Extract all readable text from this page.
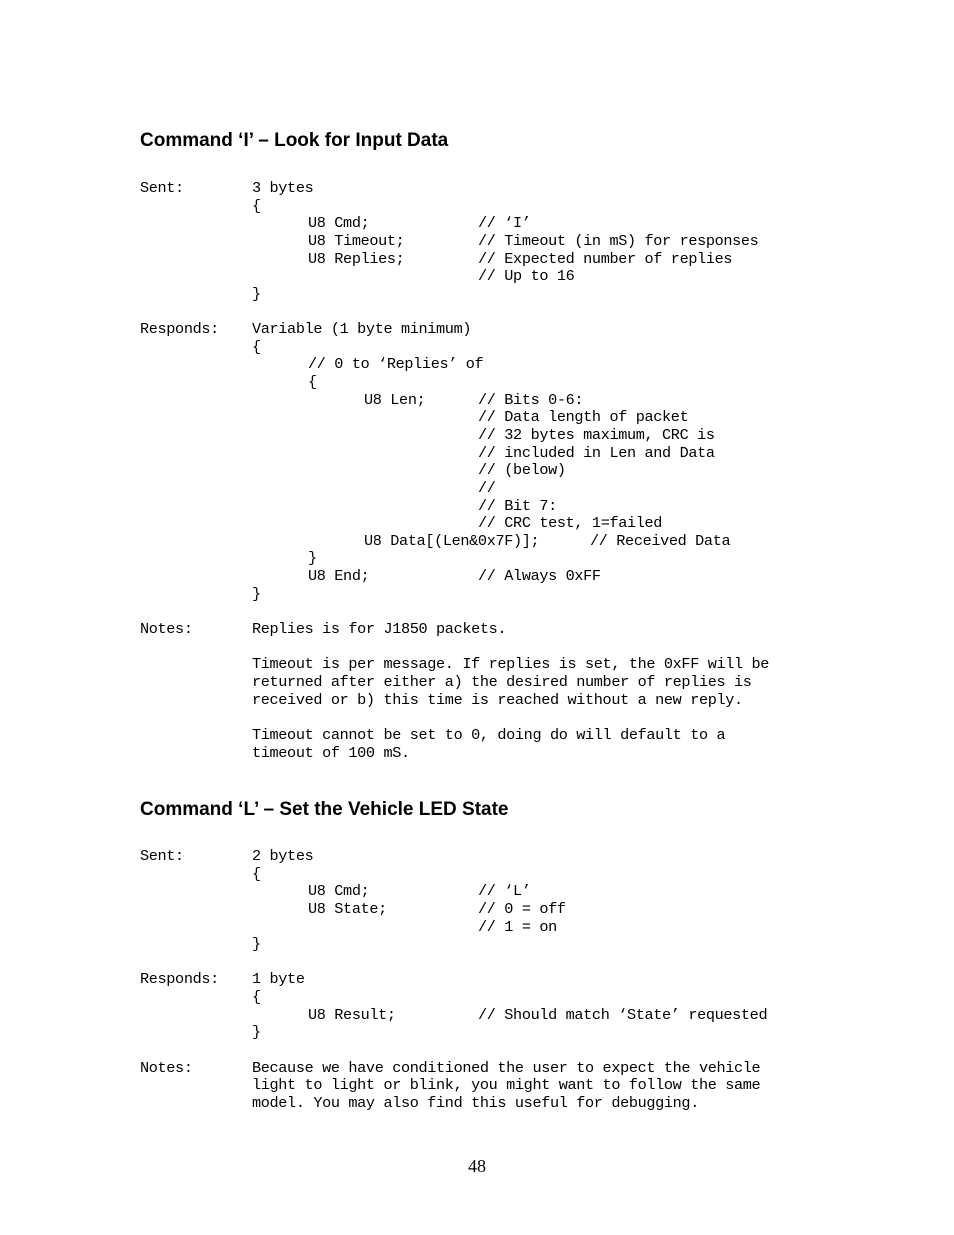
Command ‘I’ – Look for Input Data
Sent:	3 bytes
{
U8 Cmd;	// ‘I’
U8 Timeout;	// Timeout (in mS) for responses
U8 Replies;	// Expected number of replies
// Up to 16
}
Responds: Variable (1 byte minimum)
{
// 0 to ‘Replies’ of
{
U8 Len;	// Bits 0-6:
// Data length of packet
// 32 bytes maximum, CRC is
// included in Len and Data
// (below)
//
// Bit 7:
// CRC test, 1=failed
U8 Data[(Len&0x7F)];	// Received Data
}
U8 End;	// Always 0xFF
}
Notes:	Replies is for J1850 packets.
Timeout is per message. If replies is set, the 0xFF will be
returned after either a) the desired number of replies is
received or b) this time is reached without a new reply.
Timeout cannot be set to 0, doing do will default to a
timeout of 100 mS.
Command ‘L’ – Set the Vehicle LED State
Sent:	2 bytes
{
U8 Cmd;	// ‘L’
U8 State;	// 0 = off
// 1 = on
}
Responds: 1 byte
{
U8 Result;	// Should match ‘State’ requested
}
Notes:	Because we have conditioned the user to expect the vehicle
light to light or blink, you might want to follow the same
model. You may also find this useful for debugging.
48
